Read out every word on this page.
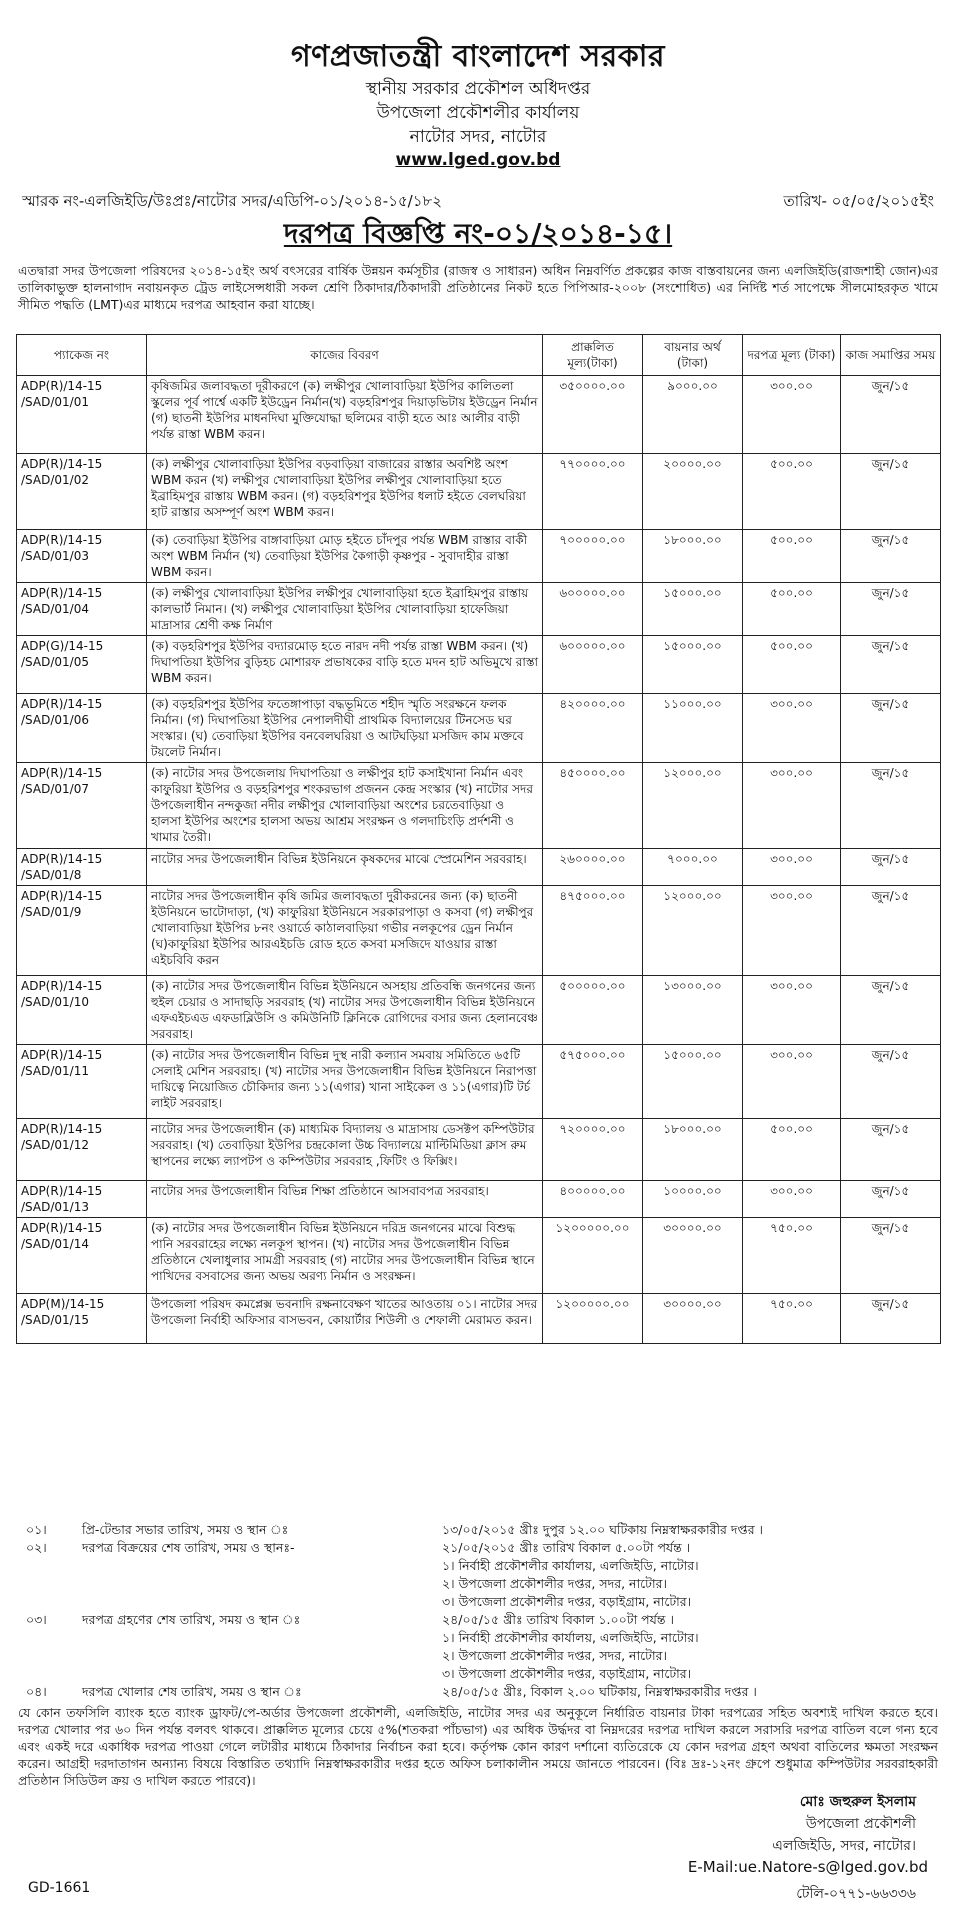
গণপ্রজাতন্ত্রী বাংলাদেশ সরকার
স্থানীয় সরকার প্রকৌশল অধিদপ্তর
উপজেলা প্রকৌশলীর কার্যালয়
নাটোর সদর, নাটোর
www.lged.gov.bd
স্মারক নং-এলজিইডি/উঃপ্রঃ/নাটোর সদর/এডিপি-০১/২০১৪-১৫/১৮২	তারিখ- ০৫/০৫/২০১৫ইং
দরপত্র বিজ্ঞপ্তি নং-০১/২০১৪-১৫।
এতদ্বারা সদর উপজেলা পরিষদের ২০১৪-১৫ইং অর্থ বৎসরের বার্ষিক উন্নয়ন কর্মসূচীর (রাজস্ব ও সাধারন) অধিন নিম্নবর্ণিত প্রকল্পের কাজ বাস্তবায়নের জন্য এলজিইডি(রাজশাহী জোন)এর তালিকাভুক্ত হালনাগাদ নবায়নকৃত ট্রেড লাইসেন্সধারী সকল শ্রেণি ঠিকাদার/ঠিকাদারী প্রতিষ্ঠানের নিকট হতে পিপিআর-২০০৮ (সংশোধিত) এর নির্দিষ্ট শর্ত সাপেক্ষে সীলমোহরকৃত খামে সীমিত পদ্ধতি (LMT)এর মাধ্যমে দরপত্র আহবান করা যাচ্ছে।
প্যাকেজ নং	কাজের বিবরণ	প্রাক্কলিত মূল্য(টাকা)	বায়নার অর্থ (টাকা)	দরপত্র মূল্য (টাকা)	কাজ সমাপ্তির সময়
ADP(R)/14-15 /SAD/01/01	কৃষিজমির জলাবদ্ধতা দূরীকরণে (ক) লক্ষীপুর খোলাবাড়িয়া ইউপির কালিতলা স্কুলের পূর্ব পার্শ্বে একটি ইউড্রেন নির্মান(খ) বড়হরিশপুর দিয়াড়ভিটায় ইউড্রেন নির্মান (গ) ছাতনী ইউপির মাধনদিঘা মুক্তিযোদ্ধা ছলিমের বাড়ী হতে আঃ আলীর বাড়ী পর্যন্ত রাস্তা WBM করন।	৩৫০০০০.০০	৯০০০.০০	৩০০.০০	জুন/১৫
ADP(R)/14-15 /SAD/01/02	(ক) লক্ষীপুর খোলাবাড়িয়া ইউপির বড়বাড়িয়া বাজারের রাস্তার অবশিষ্ট অংশ WBM করন (খ) লক্ষীপুর খোলাবাড়িয়া ইউপির লক্ষীপুর খোলাবাড়িয়া হতে ইব্রাহিমপুর রাস্তায় WBM করন। (গ) বড়হরিশপুর ইউপির ধলাট হইতে বেলঘরিয়া হাট রাস্তার অসম্পূর্ণ অংশ WBM করন।	৭৭০০০০.০০	২০০০০.০০	৫০০.০০	জুন/১৫
ADP(R)/14-15 /SAD/01/03	(ক) তেবাড়িয়া ইউপির বাঙ্গাবাড়িয়া মোড় হইতে চাঁদপুর পর্যন্ত WBM রাস্তার বাকী অংশ WBM নির্মান (খ) তেবাড়িয়া ইউপির কৈগাড়ী কৃষ্ণপুর - সুবাদাহীর রাস্তা WBM করন।	৭০০০০০.০০	১৮০০০.০০	৫০০.০০	জুন/১৫
ADP(R)/14-15 /SAD/01/04	(ক) লক্ষীপুর খোলাবাড়িয়া ইউপির লক্ষীপুর খোলাবাড়িয়া হতে ইব্রাহিমপুর রাস্তায় কালভার্ট নিমান। (খ) লক্ষীপুর খোলাবাড়িয়া ইউপির খোলাবাড়িয়া হাফেজিয়া মাদ্রাসার শ্রেণী কক্ষ নির্মাণ	৬০০০০০.০০	১৫০০০.০০	৫০০.০০	জুন/১৫
ADP(G)/14-15 /SAD/01/05	(ক) বড়হরিশপুর ইউপির বদ্যারমোড় হতে নারদ নদী পর্যন্ত রাস্তা WBM করন। (খ) দিঘাপতিয়া ইউপির বুড়িহচ মোশারফ প্রভাষকের বাড়ি হতে মদন হাট অভিমুখে রাস্তা WBM করন।	৬০০০০০.০০	১৫০০০.০০	৫০০.০০	জুন/১৫
ADP(R)/14-15 /SAD/01/06	(ক) বড়হরিশপুর ইউপির ফতেঙ্গাপাড়া বদ্ধভূমিতে শহীদ স্মৃতি সংরক্ষনে ফলক নির্মান। (গ) দিঘাপতিয়া ইউপির নেপালদীঘী প্রাথমিক বিদ্যালয়ের টিনসেড ঘর সংস্কার। (ঘ) তেবাড়িয়া ইউপির বনবেলঘরিয়া ও আটঘড়িয়া মসজিদ কাম মক্তবে টয়লেট নির্মান।	৪২০০০০.০০	১১০০০.০০	৩০০.০০	জুন/১৫
ADP(R)/14-15 /SAD/01/07	(ক) নাটোর সদর উপজেলায় দিঘাপতিয়া ও লক্ষীপুর হাট কসাইখানা নির্মান এবং কাফুরিয়া ইউপির ও বড়হরিশপুর শংকরভাগ প্রজনন কেন্দ্র সংস্কার (খ) নাটোর সদর উপজেলাধীন নন্দকুজা নদীর লক্ষীপুর খোলাবাড়িয়া অংশের চরতেবাড়িয়া ও হালসা ইউপির অংশের হালসা অভয় আশ্রম সংরক্ষন ও গলদাচিংড়ি প্রর্দশনী ও খামার তৈরী।	৪৫০০০০.০০	১২০০০.০০	৩০০.০০	জুন/১৫
ADP(R)/14-15 /SAD/01/8	নাটোর সদর উপজেলাধীন বিভিন্ন ইউনিয়নে কৃষকদের মাঝে স্প্রেমেশিন সরবরাহ।	২৬০০০০.০০	৭০০০.০০	৩০০.০০	জুন/১৫
ADP(R)/14-15 /SAD/01/9	নাটোর সদর উপজেলাধীন কৃষি জমির জলাবদ্ধতা দুরীকরনের জন্য (ক) ছাতনী ইউনিয়নে ভাটোদাড়া, (খ) কাফুরিয়া ইউনিয়নে সরকারপাড়া ও কসবা (গ) লক্ষীপুর খোলাবাড়িয়া ইউপির ৮নং ওয়ার্ডে কাঠালবাড়িয়া গভীর নলকূপের ড্রেন নির্মান (ঘ)কাফুরিয়া ইউপির আরএইচডি রোড হতে কসবা মসজিদে যাওয়ার রাস্তা এইচবিবি করন	৪৭৫০০০.০০	১২০০০.০০	৩০০.০০	জুন/১৫
ADP(R)/14-15 /SAD/01/10	(ক) নাটোর সদর উপজেলাধীন বিভিন্ন ইউনিয়নে অসহায় প্রতিবন্ধি জনগনের জন্য হুইল চেয়ার ও সাদাছড়ি সরবরাহ (খ) নাটোর সদর উপজেলাধীন বিভিন্ন ইউনিয়নে এফএইচএড এফডাব্লিউসি ও কমিউনিটি ক্লিনিকে রোগিদের বসার জন্য হেলানবেঞ্চ সরবরাহ।	৫০০০০০.০০	১৩০০০.০০	৩০০.০০	জুন/১৫
ADP(R)/14-15 /SAD/01/11	(ক) নাটোর সদর উপজেলাধীন বিভিন্ন দুস্থ নারী কল্যান সমবায় সমিতিতে ৬৫টি সেলাই মেশিন সরবরাহ। (খ) নাটোর সদর উপজেলাধীন বিভিন্ন ইউনিয়নে নিরাপত্তা দায়িত্বে নিয়োজিত চৌকিদার জন্য ১১(এগার) খানা সাইকেল ও ১১(এগার)টি টর্চ লাইট সরবরাহ।	৫৭৫০০০.০০	১৫০০০.০০	৩০০.০০	জুন/১৫
ADP(R)/14-15 /SAD/01/12	নাটোর সদর উপজেলাধীন (ক) মাধ্যমিক বিদ্যালয় ও মাদ্রাসায় ডেসক্টপ কম্পিউটার সরবরাহ। (খ) তেবাড়িয়া ইউপির চন্দ্রকোলা উচ্চ বিদ্যালয়ে মাল্টিমিডিয়া ক্লাস রুম স্থাপনের লক্ষ্যে ল্যাপটপ ও কম্পিউটার সরবরাহ ,ফিটিং ও ফিক্সিং।	৭২০০০০.০০	১৮০০০.০০	৫০০.০০	জুন/১৫
ADP(R)/14-15 /SAD/01/13	নাটোর সদর উপজেলাধীন বিভিন্ন শিক্ষা প্রতিষ্ঠানে আসবাবপত্র সরবরাহ।	৪০০০০০.০০	১০০০০.০০	৩০০.০০	জুন/১৫
ADP(R)/14-15 /SAD/01/14	(ক) নাটোর সদর উপজেলাধীন বিভিন্ন ইউনিয়নে দরিদ্র জনগনের মাঝে বিশুদ্ধ পানি সরবরাহের লক্ষ্যে নলকূপ স্থাপন। (খ) নাটোর সদর উপজেলাধীন বিভিন্ন প্রতিষ্ঠানে খেলাধুলার সামগ্রী সরবরাহ (গ) নাটোর সদর উপজেলাধীন বিভিন্ন স্থানে পাখিদের বসবাসের জন্য অভয় অরণ্য নির্মান ও সংরক্ষন।	১২০০০০০.০০	৩০০০০.০০	৭৫০.০০	জুন/১৫
ADP(M)/14-15 /SAD/01/15	উপজেলা পরিষদ কমপ্লেক্স ভবনাদি রক্ষনাবেক্ষণ খাতের আওতায় ০১। নাটোর সদর উপজেলা নির্বাহী অফিসার বাসভবন, কোয়ার্টার শিউলী ও শেফালী মেরামত করন।	১২০০০০০.০০	৩০০০০.০০	৭৫০.০০	জুন/১৫
০১।	প্রি-টেন্ডার সভার তারিখ, সময় ও স্থান ঃ	১৩/০৫/২০১৫ খ্রীঃ দুপুর ১২.০০ ঘটিকায় নিম্নস্বাক্ষরকারীর দপ্তর ।
০২।	দরপত্র বিক্রয়ের শেষ তারিখ, সময় ও স্থানঃ-	২১/০৫/২০১৫ খ্রীঃ তারিখ বিকাল ৫.০০টা পর্যন্ত ।
১। নির্বাহী প্রকৌশলীর কার্যালয়, এলজিইডি, নাটোর।
২। উপজেলা প্রকৌশলীর দপ্তর, সদর, নাটোর।
৩। উপজেলা প্রকৌশলীর দপ্তর, বড়াইগ্রাম, নাটোর।
০৩।	দরপত্র গ্রহণের শেষ তারিখ, সময় ও স্থান ঃ	২৪/০৫/১৫ খ্রীঃ তারিখ বিকাল ১.০০টা পর্যন্ত ।
১। নির্বাহী প্রকৌশলীর কার্যালয়, এলজিইডি, নাটোর।
২। উপজেলা প্রকৌশলীর দপ্তর, সদর, নাটোর।
৩। উপজেলা প্রকৌশলীর দপ্তর, বড়াইগ্রাম, নাটোর।
০৪।	দরপত্র খোলার শেষ তারিখ, সময় ও স্থান ঃ	২৪/০৫/১৫ খ্রীঃ, বিকাল ২.০০ ঘটিকায়, নিম্নস্বাক্ষরকারীর দপ্তর ।
যে কোন তফসিলি ব্যাংক হতে ব্যাংক ড্রাফট/পে-অর্ডার উপজেলা প্রকৌশলী, এলজিইডি, নাটোর সদর এর অনুকূলে নির্ধারিত বায়নার টাকা দরপত্রের সহিত অবশ্যই দাখিল করতে হবে। দরপত্র খোলার পর ৬০ দিন পর্যন্ত বলবৎ থাকবে। প্রাক্কলিত মূল্যের চেয়ে ৫%(শতকরা পাঁচভাগ) এর অধিক উর্দ্ধদর বা নিম্নদরের দরপত্র দাখিল করলে সরাসরি দরপত্র বাতিল বলে গন্য হবে এবং একই দরে একাধিক দরপত্র পাওয়া গেলে লটারীর মাধ্যমে ঠিকাদার নির্বাচন করা হবে। কর্তৃপক্ষ কোন কারণ দর্শানো ব্যতিরেকে যে কোন দরপত্র গ্রহণ অথবা বাতিলের ক্ষমতা সংরক্ষন করেন। আগ্রহী দরদাতাগন অন্যান্য বিষয়ে বিস্তারিত তথ্যাদি নিম্নস্বাক্ষরকারীর দপ্তর হতে অফিস চলাকালীন সময়ে জানতে পারবেন। (বিঃ দ্রঃ-১২নং গ্রুপে শুধুমাত্র কম্পিউটার সরবরাহকারী প্রতিষ্ঠান সিডিউল ক্রয় ও দাখিল করতে পারবে)।
মোঃ জহুরুল ইসলাম
উপজেলা প্রকৌশলী
এলজিইডি, সদর, নাটোর।
E-Mail:ue.Natore-s@lged.gov.bd
টেলি-০৭৭১-৬৬৩৩৬
GD-1661
